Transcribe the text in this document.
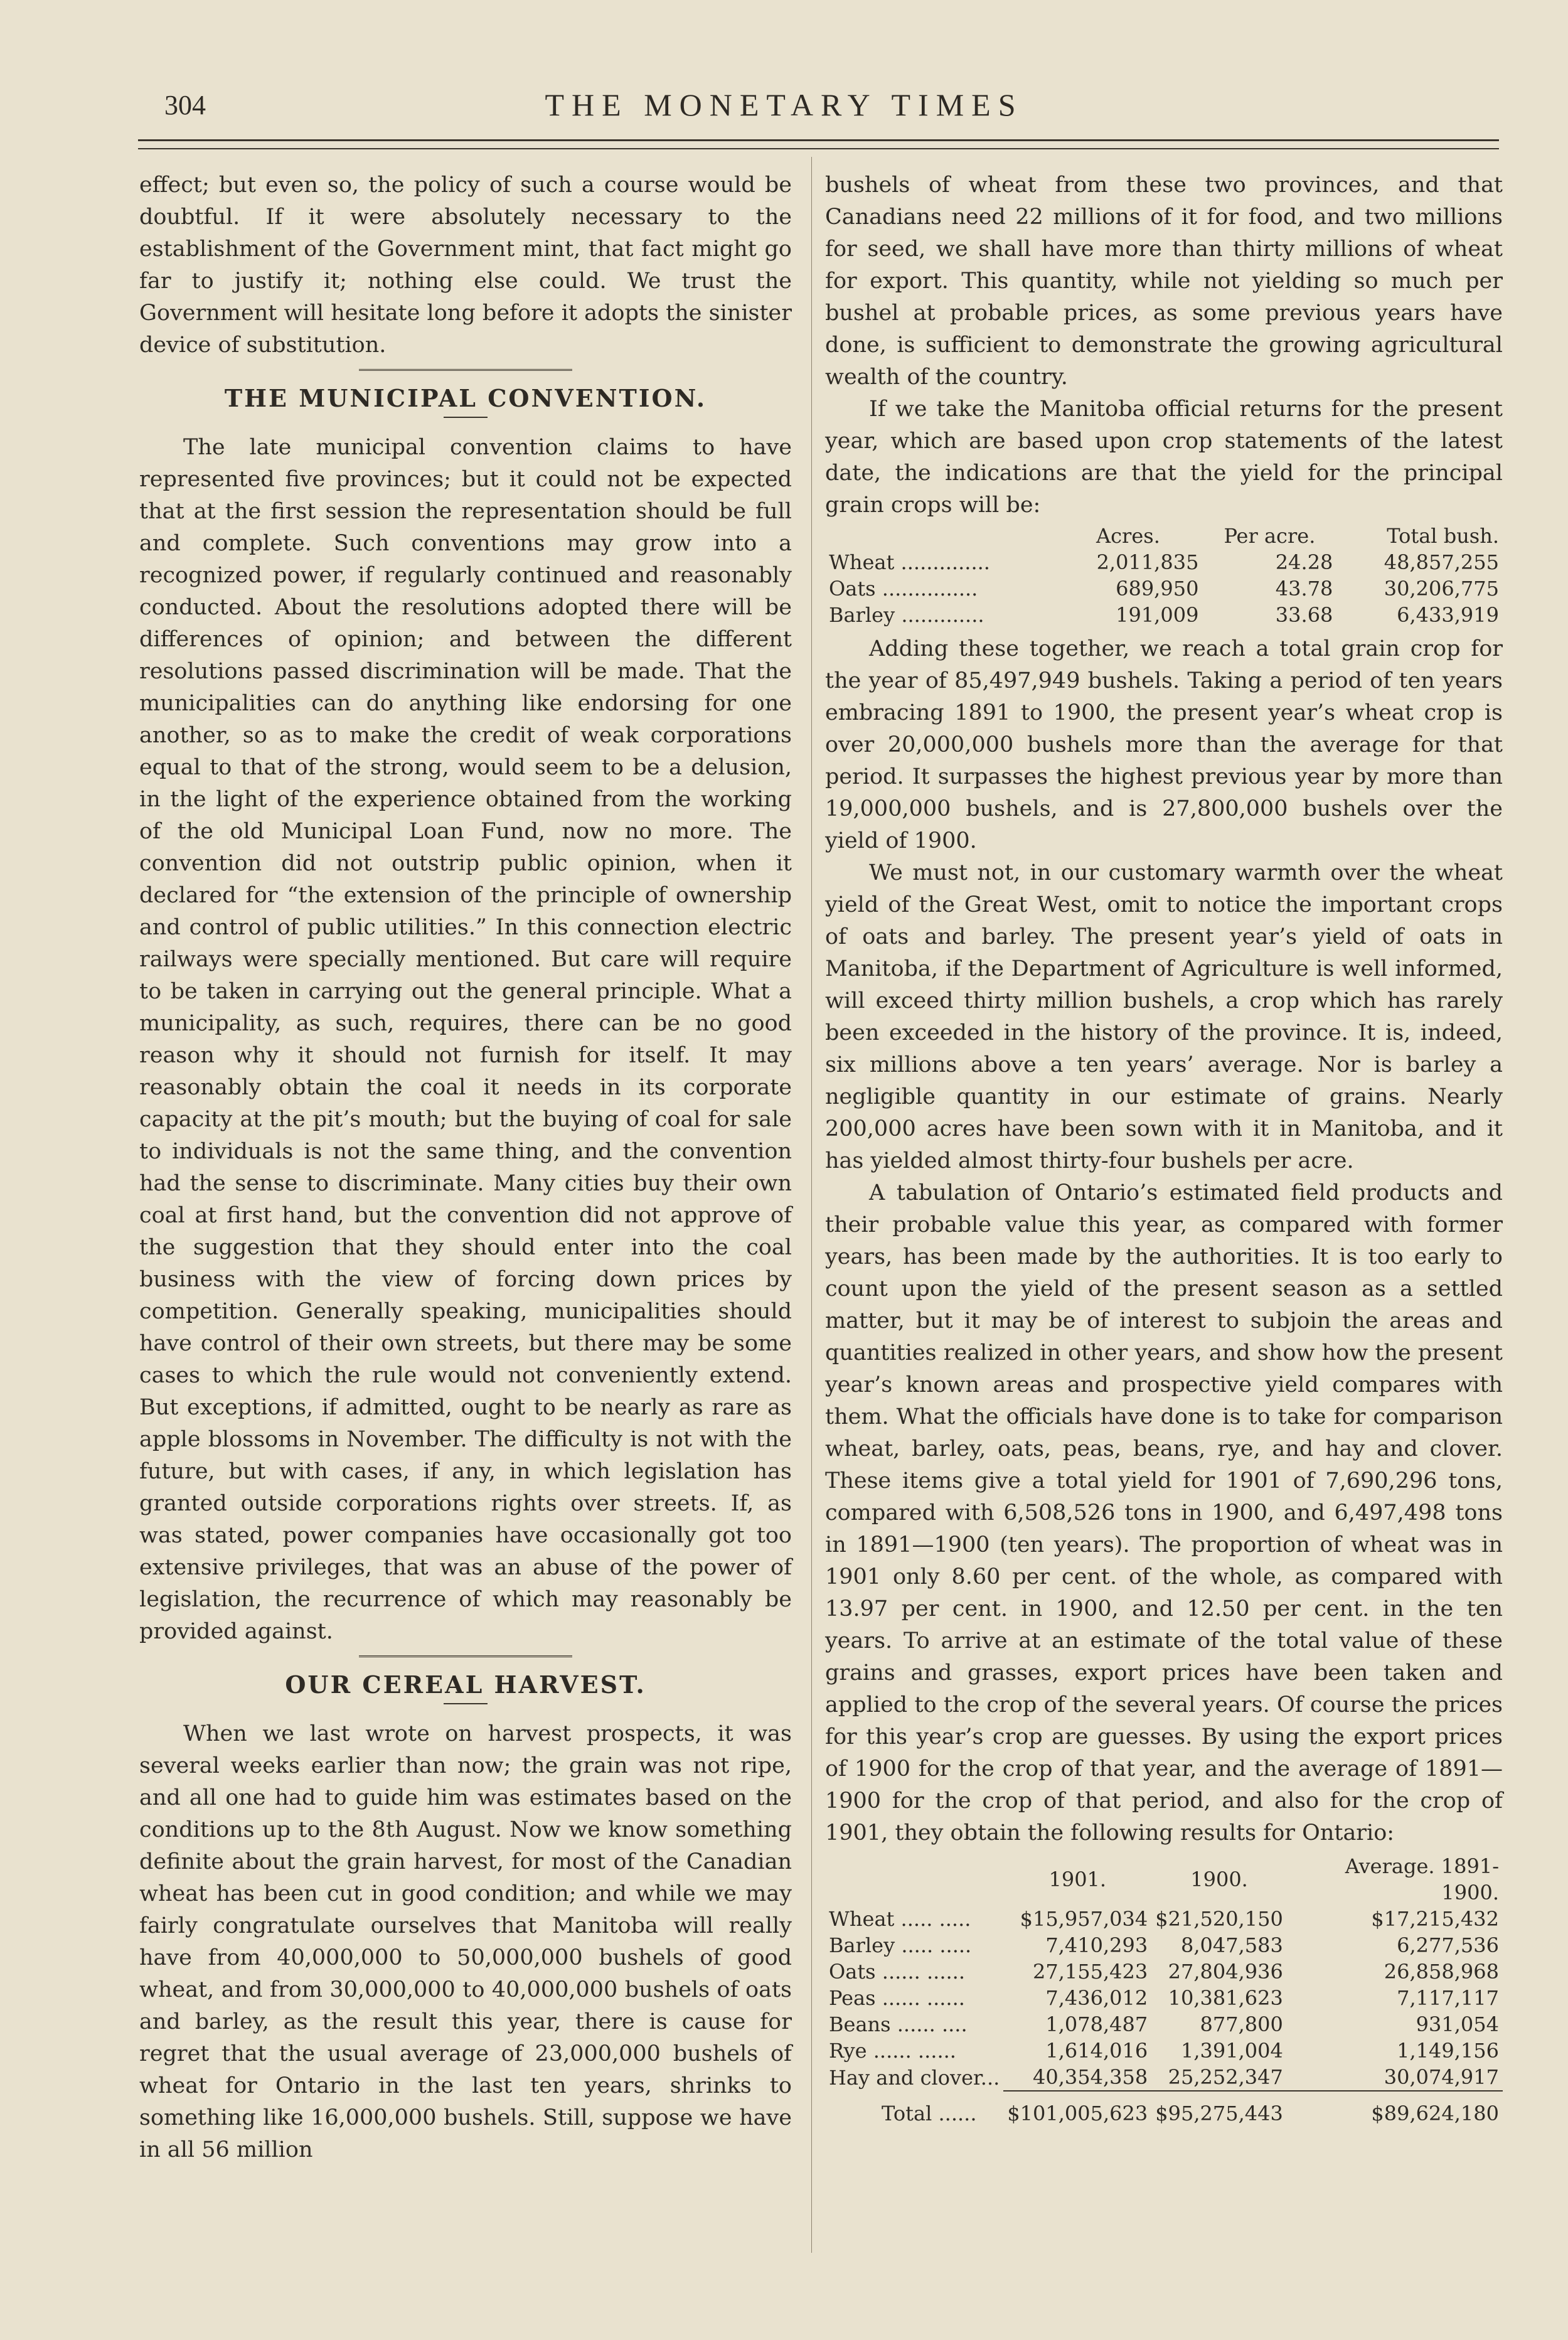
304	THE MONETARY TIMES

effect; but even so, the policy of such a course would be doubtful. If it were absolutely necessary to the establishment of the Government mint, that fact might go far to justify it; nothing else could. We trust the Government will hesitate long before it adopts the sinister device of substitution.

THE MUNICIPAL CONVENTION.

The late municipal convention claims to have represented five provinces; but it could not be expected that at the first session the representation should be full and complete. Such conventions may grow into a recognized power, if regularly continued and reasonably conducted. About the resolutions adopted there will be differences of opinion; and between the different resolutions passed discrimination will be made. That the municipalities can do anything like endorsing for one another, so as to make the credit of weak corporations equal to that of the strong, would seem to be a delusion, in the light of the experience obtained from the working of the old Municipal Loan Fund, now no more. The convention did not outstrip public opinion, when it declared for “the extension of the principle of ownership and control of public utilities.” In this connection electric railways were specially mentioned. But care will require to be taken in carrying out the general principle. What a municipality, as such, requires, there can be no good reason why it should not furnish for itself. It may reasonably obtain the coal it needs in its corporate capacity at the pit’s mouth; but the buying of coal for sale to individuals is not the same thing, and the convention had the sense to discriminate. Many cities buy their own coal at first hand, but the convention did not approve of the suggestion that they should enter into the coal business with the view of forcing down prices by competition. Generally speaking, municipalities should have control of their own streets, but there may be some cases to which the rule would not conveniently extend. But exceptions, if admitted, ought to be nearly as rare as apple blossoms in November. The difficulty is not with the future, but with cases, if any, in which legislation has granted outside corporations rights over streets. If, as was stated, power companies have occasionally got too extensive privileges, that was an abuse of the power of legislation, the recurrence of which may reasonably be provided against.

OUR CEREAL HARVEST.

When we last wrote on harvest prospects, it was several weeks earlier than now; the grain was not ripe, and all one had to guide him was estimates based on the conditions up to the 8th August. Now we know something definite about the grain harvest, for most of the Canadian wheat has been cut in good condition; and while we may fairly congratulate ourselves that Manitoba will really have from 40,000,000 to 50,000,000 bushels of good wheat, and from 30,000,000 to 40,000,000 bushels of oats and barley, as the result this year, there is cause for regret that the usual average of 23,000,000 bushels of wheat for Ontario in the last ten years, shrinks to something like 16,000,000 bushels. Still, suppose we have in all 56 million

bushels of wheat from these two provinces, and that Canadians need 22 millions of it for food, and two millions for seed, we shall have more than thirty millions of wheat for export. This quantity, while not yielding so much per bushel at probable prices, as some previous years have done, is sufficient to demonstrate the growing agricultural wealth of the country.

If we take the Manitoba official returns for the present year, which are based upon crop statements of the latest date, the indications are that the yield for the principal grain crops will be:

	Acres.	Per acre.	Total bush.
Wheat ..............	2,011,835	24.28	48,857,255
Oats ...............	689,950	43.78	30,206,775
Barley .............	191,009	33.68	6,433,919

Adding these together, we reach a total grain crop for the year of 85,497,949 bushels. Taking a period of ten years embracing 1891 to 1900, the present year’s wheat crop is over 20,000,000 bushels more than the average for that period. It surpasses the highest previous year by more than 19,000,000 bushels, and is 27,800,000 bushels over the yield of 1900.

We must not, in our customary warmth over the wheat yield of the Great West, omit to notice the important crops of oats and barley. The present year’s yield of oats in Manitoba, if the Department of Agriculture is well informed, will exceed thirty million bushels, a crop which has rarely been exceeded in the history of the province. It is, indeed, six millions above a ten years’ average. Nor is barley a negligible quantity in our estimate of grains. Nearly 200,000 acres have been sown with it in Manitoba, and it has yielded almost thirty-four bushels per acre.

A tabulation of Ontario’s estimated field products and their probable value this year, as compared with former years, has been made by the authorities. It is too early to count upon the yield of the present season as a settled matter, but it may be of interest to subjoin the areas and quantities realized in other years, and show how the present year’s known areas and prospective yield compares with them. What the officials have done is to take for comparison wheat, barley, oats, peas, beans, rye, and hay and clover. These items give a total yield for 1901 of 7,690,296 tons, compared with 6,508,526 tons in 1900, and 6,497,498 tons in 1891—1900 (ten years). The proportion of wheat was in 1901 only 8.60 per cent. of the whole, as compared with 13.97 per cent. in 1900, and 12.50 per cent. in the ten years. To arrive at an estimate of the total value of these grains and grasses, export prices have been taken and applied to the crop of the several years. Of course the prices for this year’s crop are guesses. By using the export prices of 1900 for the crop of that year, and the average of 1891—1900 for the crop of that period, and also for the crop of 1901, they obtain the following results for Ontario:

	1901.	1900.	Average. 1891-1900.
Wheat ..... .....	$15,957,034	$21,520,150	$17,215,432
Barley ..... .....	7,410,293	8,047,583	6,277,536
Oats ...... ......	27,155,423	27,804,936	26,858,968
Peas ...... ......	7,436,012	10,381,623	7,117,117
Beans ...... ....	1,078,487	877,800	931,054
Rye ...... ......	1,614,016	1,391,004	1,149,156
Hay and clover...	40,354,358	25,252,347	30,074,917
Total ......	$101,005,623	$95,275,443	$89,624,180
